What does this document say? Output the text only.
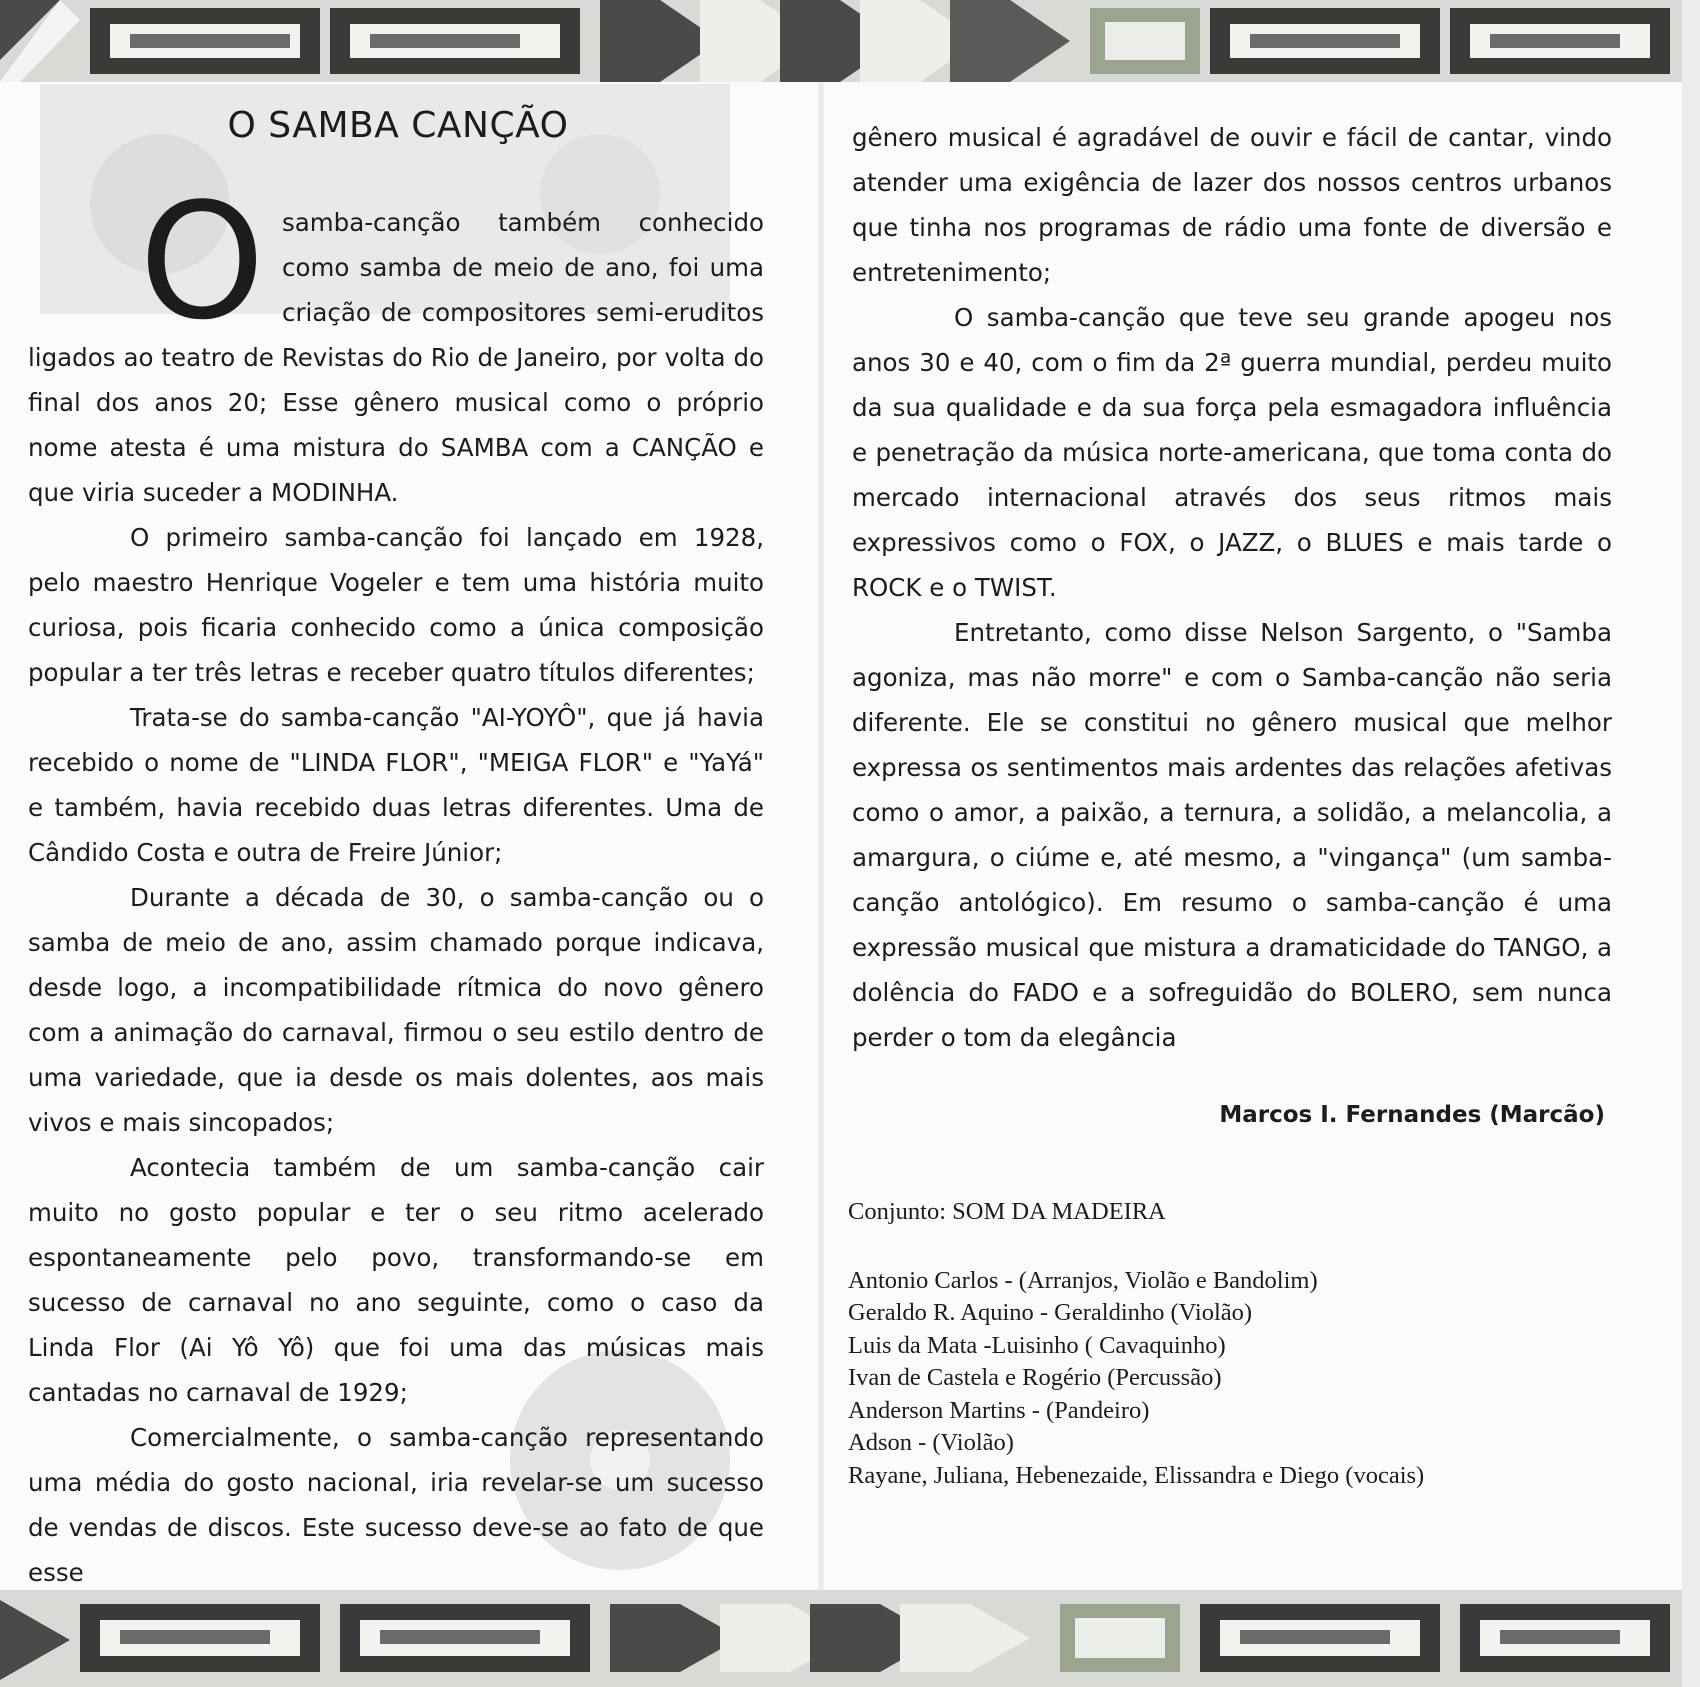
O SAMBA CANÇÃO
O samba-canção também conhecido como samba de meio de ano, foi uma criação de compositores semi-eruditos ligados ao teatro de Revistas do Rio de Janeiro, por volta do final dos anos 20; Esse gênero musical como o próprio nome atesta é uma mistura do SAMBA com a CANÇÃO e que viria suceder a MODINHA.

O primeiro samba-canção foi lançado em 1928, pelo maestro Henrique Vogeler e tem uma história muito curiosa, pois ficaria conhecido como a única composição popular a ter três letras e receber quatro títulos diferentes;

Trata-se do samba-canção "AI-YOYÔ", que já havia recebido o nome de "LINDA FLOR", "MEIGA FLOR" e "YaYá" e também, havia recebido duas letras diferentes. Uma de Cândido Costa e outra de Freire Júnior;

Durante a década de 30, o samba-canção ou o samba de meio de ano, assim chamado porque indicava, desde logo, a incompatibilidade rítmica do novo gênero com a animação do carnaval, firmou o seu estilo dentro de uma variedade, que ia desde os mais dolentes, aos mais vivos e mais sincopados;

Acontecia também de um samba-canção cair muito no gosto popular e ter o seu ritmo acelerado espontaneamente pelo povo, transformando-se em sucesso de carnaval no ano seguinte, como o caso da Linda Flor (Ai Yô Yô) que foi uma das músicas mais cantadas no carnaval de 1929;

Comercialmente, o samba-canção representando uma média do gosto nacional, iria revelar-se um sucesso de vendas de discos. Este sucesso deve-se ao fato de que esse

gênero musical é agradável de ouvir e fácil de cantar, vindo atender uma exigência de lazer dos nossos centros urbanos que tinha nos programas de rádio uma fonte de diversão e entretenimento;

O samba-canção que teve seu grande apogeu nos anos 30 e 40, com o fim da 2ª guerra mundial, perdeu muito da sua qualidade e da sua força pela esmagadora influência e penetração da música norte-americana, que toma conta do mercado internacional através dos seus ritmos mais expressivos como o FOX, o JAZZ, o BLUES e mais tarde o ROCK e o TWIST.

Entretanto, como disse Nelson Sargento, o "Samba agoniza, mas não morre" e com o Samba-canção não seria diferente. Ele se constitui no gênero musical que melhor expressa os sentimentos mais ardentes das relações afetivas como o amor, a paixão, a ternura, a solidão, a melancolia, a amargura, o ciúme e, até mesmo, a "vingança" (um samba-canção antológico). Em resumo o samba-canção é uma expressão musical que mistura a dramaticidade do TANGO, a dolência do FADO e a sofreguidão do BOLERO, sem nunca perder o tom da elegância

Marcos I. Fernandes (Marcão)
Conjunto: SOM DA MADEIRA
Antonio Carlos - (Arranjos, Violão e Bandolim)
Geraldo R. Aquino - Geraldinho (Violão)
Luis da Mata -Luisinho ( Cavaquinho)
Ivan de Castela e Rogério (Percussão)
Anderson Martins - (Pandeiro)
Adson - (Violão)
Rayane, Juliana, Hebenezaide, Elissandra e Diego (vocais)
